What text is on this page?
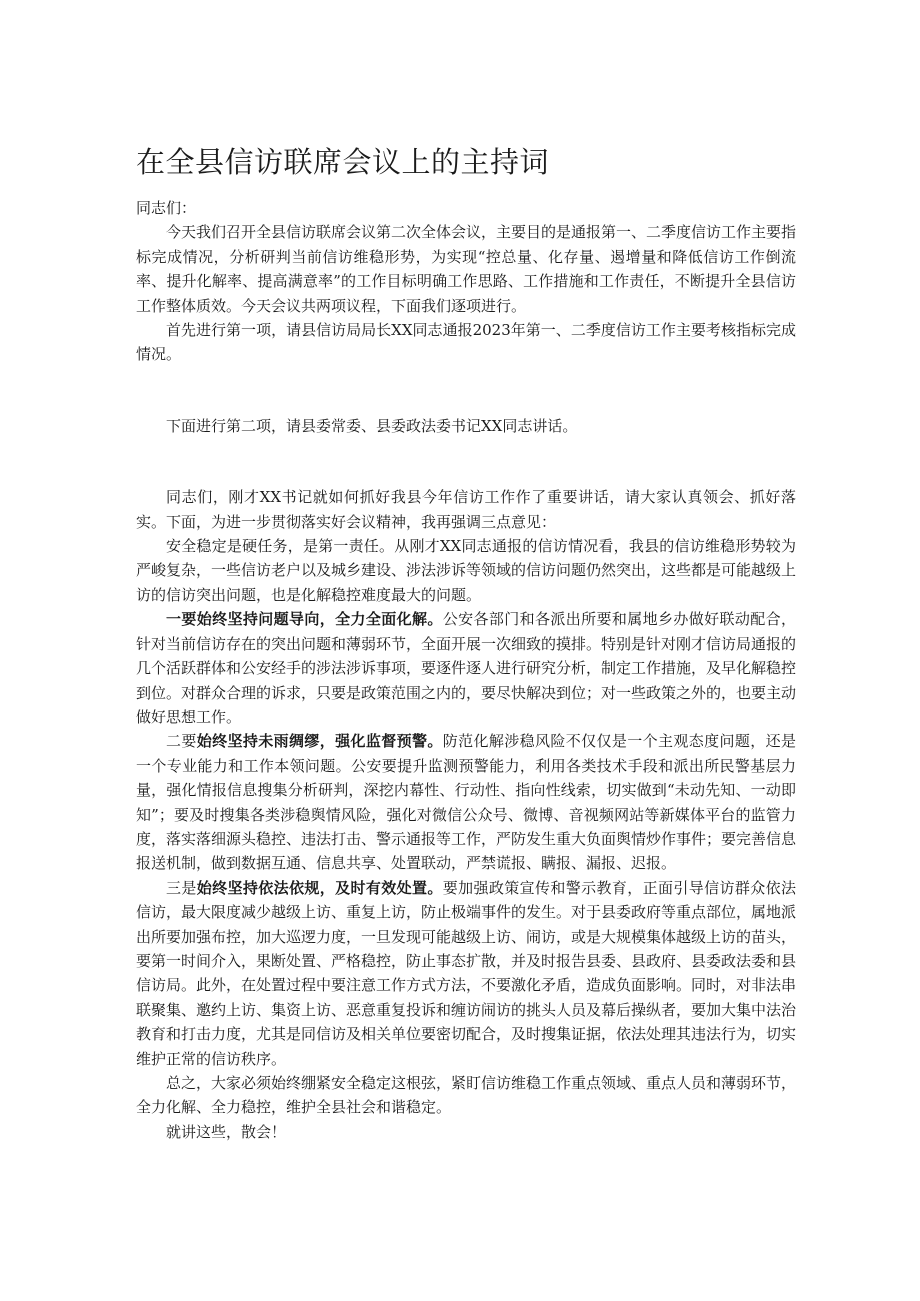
在全县信访联席会议上的主持词

同志们：

今天我们召开全县信访联席会议第二次全体会议，主要目的是通报第一、二季度信访工作主要指标完成情况，分析研判当前信访维稳形势，为实现“控总量、化存量、遏增量和降低信访工作倒流率、提升化解率、提高满意率”的工作目标明确工作思路、工作措施和工作责任，不断提升全县信访工作整体质效。今天会议共两项议程，下面我们逐项进行。

首先进行第一项，请县信访局局长XX同志通报2023年第一、二季度信访工作主要考核指标完成情况。

下面进行第二项，请县委常委、县委政法委书记XX同志讲话。

同志们，刚才XX书记就如何抓好我县今年信访工作作了重要讲话，请大家认真领会、抓好落实。下面，为进一步贯彻落实好会议精神，我再强调三点意见：

安全稳定是硬任务，是第一责任。从刚才XX同志通报的信访情况看，我县的信访维稳形势较为严峻复杂，一些信访老户以及城乡建设、涉法涉诉等领域的信访问题仍然突出，这些都是可能越级上访的信访突出问题，也是化解稳控难度最大的问题。

一要始终坚持问题导向，全力全面化解。公安各部门和各派出所要和属地乡办做好联动配合，针对当前信访存在的突出问题和薄弱环节，全面开展一次细致的摸排。特别是针对刚才信访局通报的几个活跃群体和公安经手的涉法涉诉事项，要逐件逐人进行研究分析，制定工作措施，及早化解稳控到位。对群众合理的诉求，只要是政策范围之内的，要尽快解决到位；对一些政策之外的，也要主动做好思想工作。

二要始终坚持未雨绸缪，强化监督预警。防范化解涉稳风险不仅仅是一个主观态度问题，还是一个专业能力和工作本领问题。公安要提升监测预警能力，利用各类技术手段和派出所民警基层力量，强化情报信息搜集分析研判，深挖内幕性、行动性、指向性线索，切实做到“未动先知、一动即知”；要及时搜集各类涉稳舆情风险，强化对微信公众号、微博、音视频网站等新媒体平台的监管力度，落实落细源头稳控、违法打击、警示通报等工作，严防发生重大负面舆情炒作事件；要完善信息报送机制，做到数据互通、信息共享、处置联动，严禁谎报、瞒报、漏报、迟报。

三是始终坚持依法依规，及时有效处置。要加强政策宣传和警示教育，正面引导信访群众依法信访，最大限度减少越级上访、重复上访，防止极端事件的发生。对于县委政府等重点部位，属地派出所要加强布控，加大巡逻力度，一旦发现可能越级上访、闹访，或是大规模集体越级上访的苗头，要第一时间介入，果断处置、严格稳控，防止事态扩散，并及时报告县委、县政府、县委政法委和县信访局。此外，在处置过程中要注意工作方式方法，不要激化矛盾，造成负面影响。同时，对非法串联聚集、邀约上访、集资上访、恶意重复投诉和缠访闹访的挑头人员及幕后操纵者，要加大集中法治教育和打击力度，尤其是同信访及相关单位要密切配合，及时搜集证据，依法处理其违法行为，切实维护正常的信访秩序。

总之，大家必须始终绷紧安全稳定这根弦，紧盯信访维稳工作重点领域、重点人员和薄弱环节，全力化解、全力稳控，维护全县社会和谐稳定。

就讲这些，散会！
